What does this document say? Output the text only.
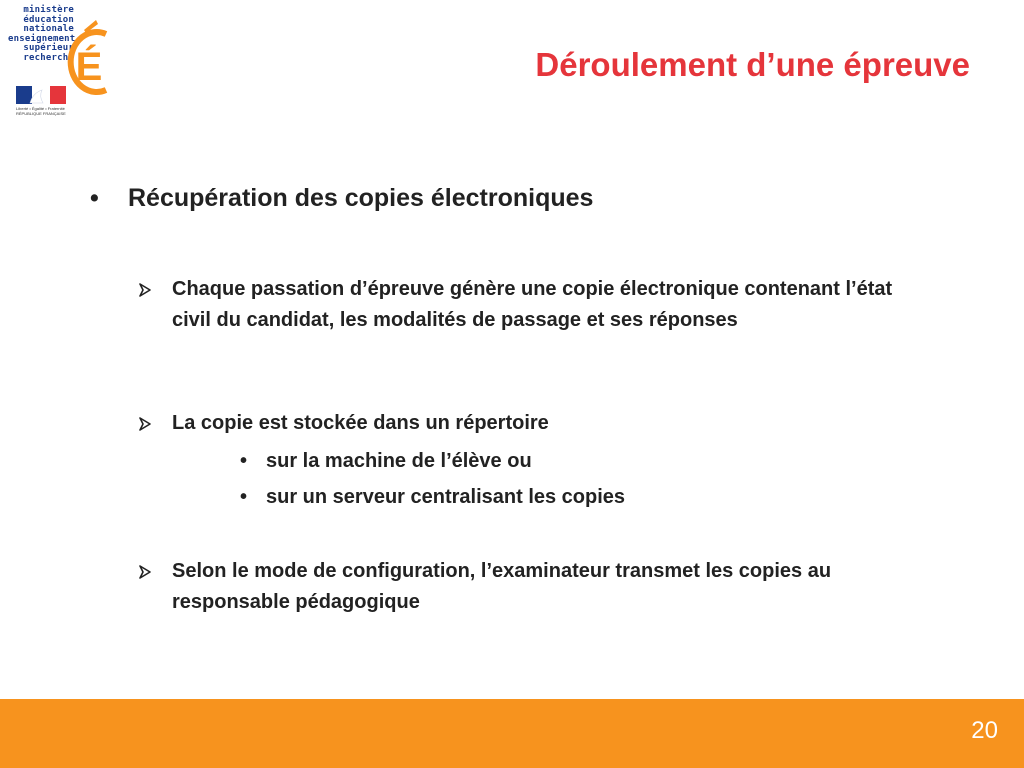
ministère
éducation
nationale
enseignement
supérieur
recherche É
Liberté • Égalité • Fraternité
RÉPUBLIQUE FRANÇAISE
Déroulement d’une épreuve
• Récupération des copies électroniques
Chaque passation d’épreuve génère une copie électronique contenant l’état civil du candidat, les modalités de passage et ses réponses
La copie est stockée dans un répertoire
• sur la machine de l’élève ou
• sur un serveur centralisant les copies
Selon le mode de configuration, l’examinateur transmet les copies au responsable pédagogique
20
